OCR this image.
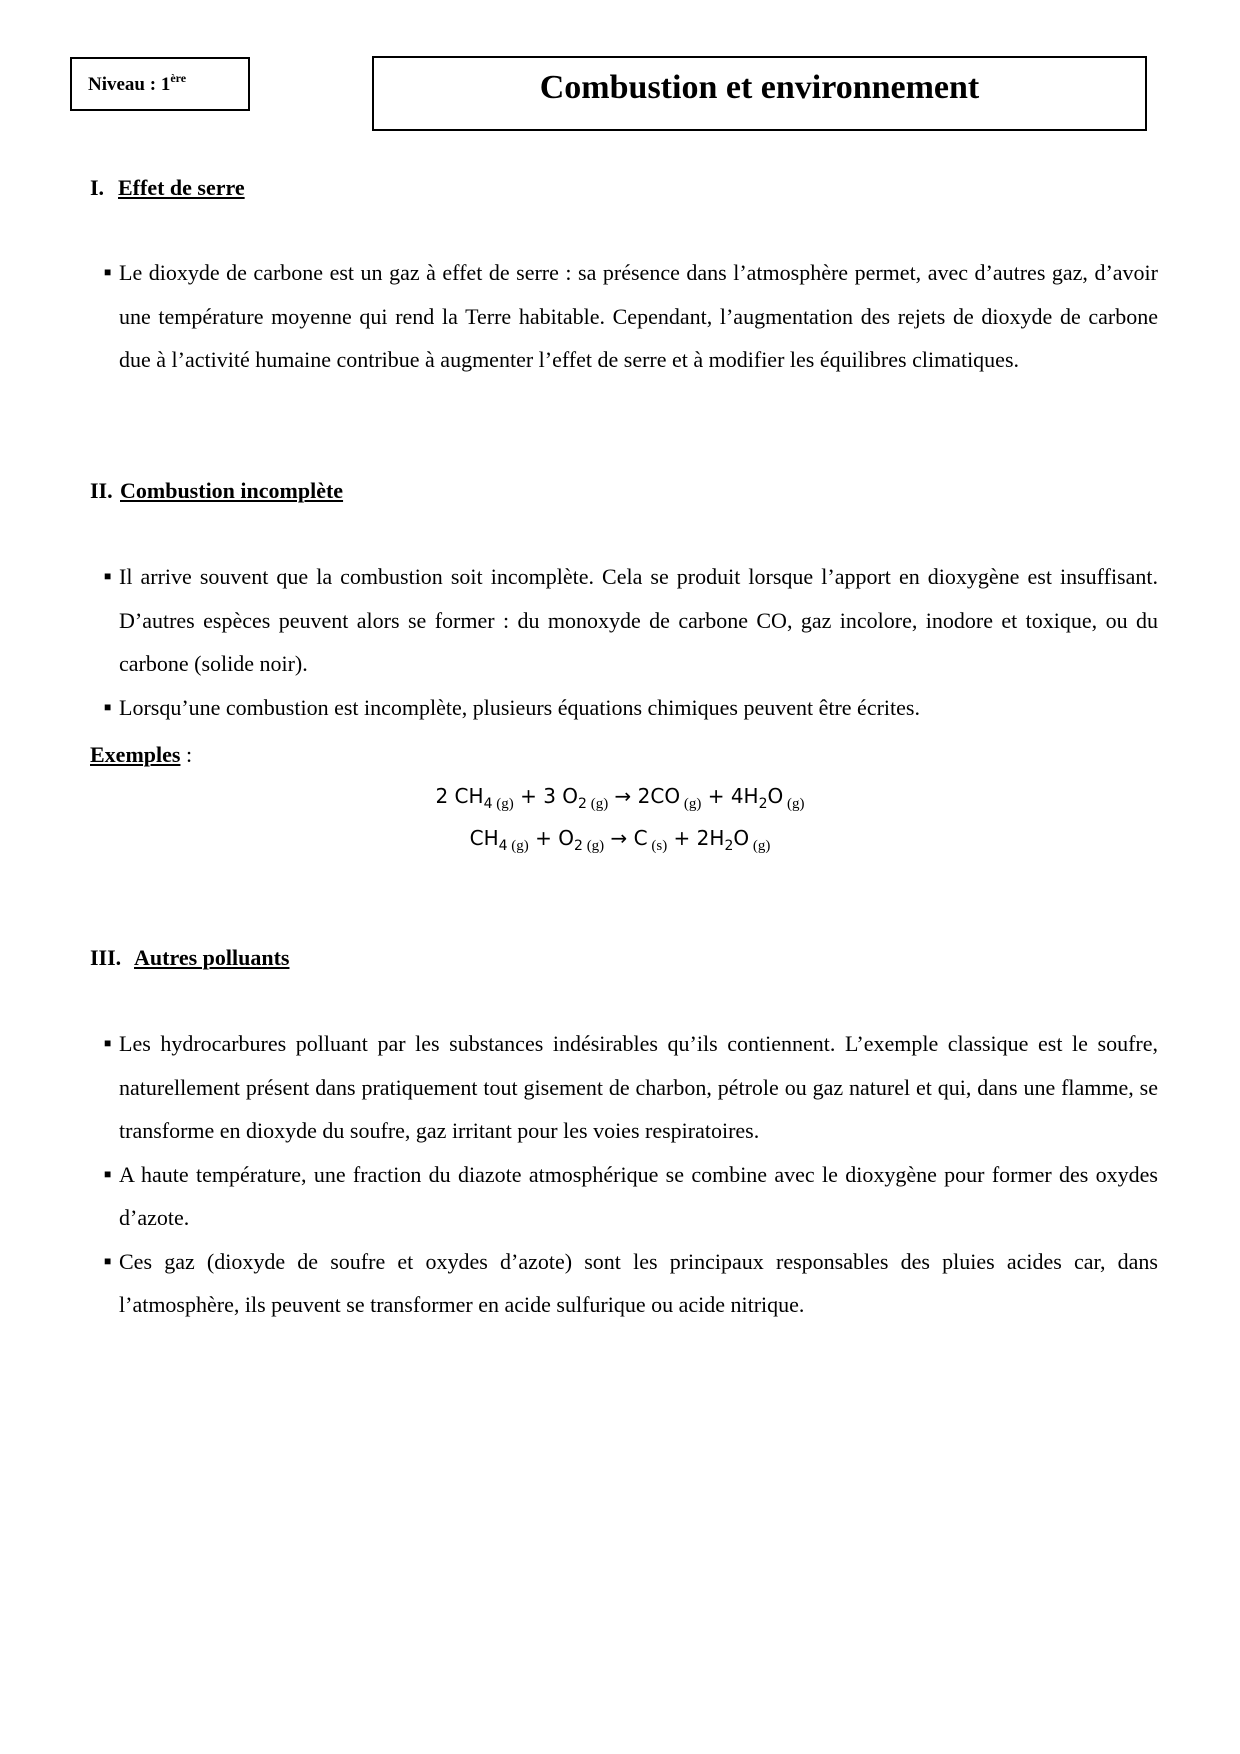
Niveau : 1ère	Combustion et environnement
I. Effet de serre
■ Le dioxyde de carbone est un gaz à effet de serre : sa présence dans l’atmosphère permet, avec d’autres gaz, d’avoir une température moyenne qui rend la Terre habitable. Cependant, l’augmentation des rejets de dioxyde de carbone due à l’activité humaine contribue à augmenter l’effet de serre et à modifier les équilibres climatiques.
II. Combustion incomplète
■ Il arrive souvent que la combustion soit incomplète. Cela se produit lorsque l’apport en dioxygène est insuffisant. D’autres espèces peuvent alors se former : du monoxyde de carbone CO, gaz incolore, inodore et toxique, ou du carbone (solide noir).
■ Lorsqu’une combustion est incomplète, plusieurs équations chimiques peuvent être écrites.
Exemples :
2 $CH_4$ $_{(g)}$ + 3 $O_2$ $_{(g)}$ → 2CO $_{(g)} + 4H_2O$ $_{(g)}$
$CH_4$ $_{(g)} + O_2$ $_{(g)}$ → C $_{(s)} + 2H_2O$ $_{(g)}$
III. Autres polluants
■ Les hydrocarbures polluant par les substances indésirables qu’ils contiennent. L’exemple classique est le soufre, naturellement présent dans pratiquement tout gisement de charbon, pétrole ou gaz naturel et qui, dans une flamme, se transforme en dioxyde du soufre, gaz irritant pour les voies respiratoires.
■ A haute température, une fraction du diazote atmosphérique se combine avec le dioxygène pour former des oxydes d’azote.
■ Ces gaz (dioxyde de soufre et oxydes d’azote) sont les principaux responsables des pluies acides car, dans l’atmosphère, ils peuvent se transformer en acide sulfurique ou acide nitrique.
